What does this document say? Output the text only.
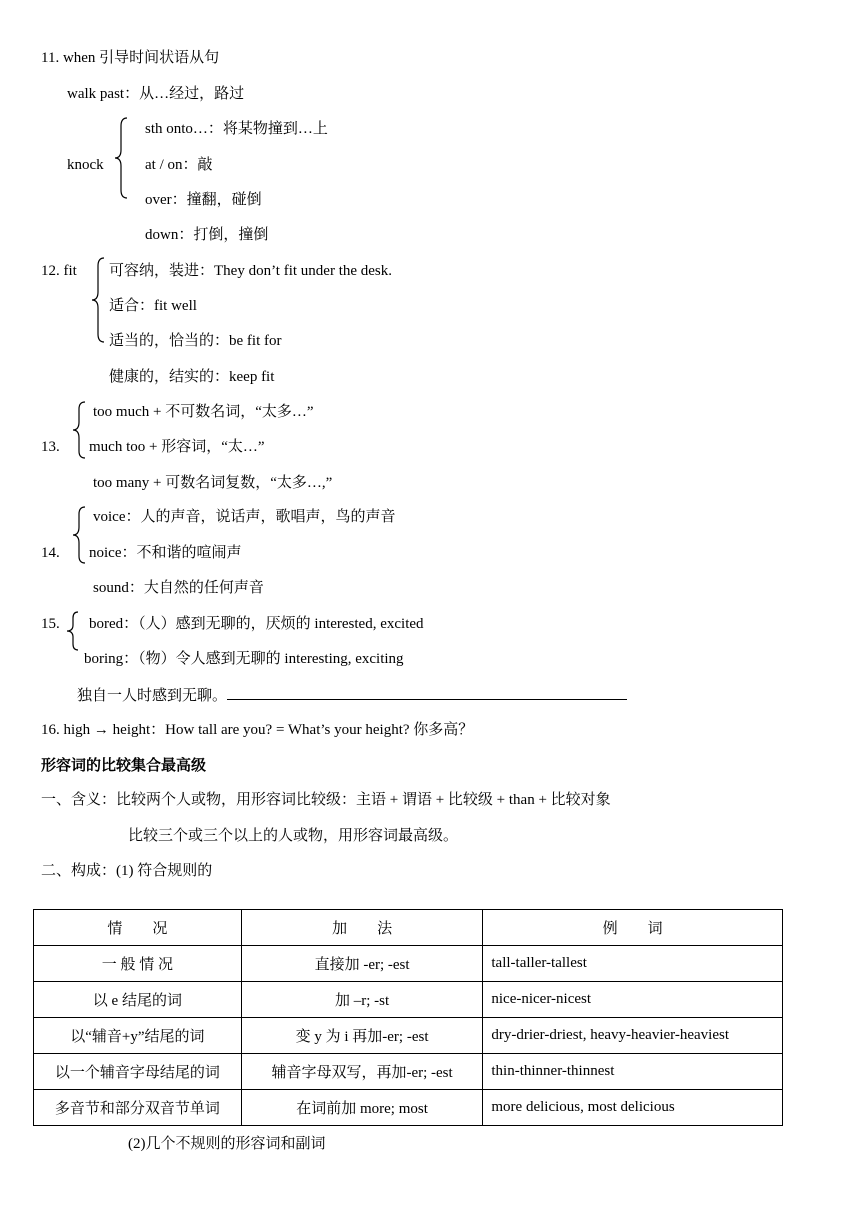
11. when 引导时间状语从句
walk past：从…经过，路过
knock
sth onto…：将某物撞到…上
at / on：敲
over：撞翻，碰倒
down：打倒，撞倒
12. fit 可容纳，装进：They don’t fit under the desk.
适合：fit well
适当的，恰当的：be fit for
健康的，结实的：keep fit
too much + 不可数名词，“太多…”
13. much too + 形容词，“太…”
too many + 可数名词复数，“太多…,”
voice：人的声音，说话声，歌唱声，鸟的声音
14. noice：不和谐的喧闹声
sound：大自然的任何声音
15. bored：（人）感到无聊的，厌烦的 interested, excited
boring：（物）令人感到无聊的 interesting, exciting
独自一人时感到无聊。
16. high → height：How tall are you? = What’s your height? 你多高？
形容词的比较集合最高级
一、含义：比较两个人或物，用形容词比较级：主语 + 谓语 + 比较级 + than + 比较对象
比较三个或三个以上的人或物，用形容词最高级。
二、构成：(1) 符合规则的
情　　况	加　　法	例　　词
一 般 情 况	直接加 -er; -est	tall-taller-tallest
以 e 结尾的词	加 –r; -st	nice-nicer-nicest
以“辅音+y”结尾的词	变 y 为 i 再加-er; -est	dry-drier-driest, heavy-heavier-heaviest
以一个辅音字母结尾的词	辅音字母双写，再加-er; -est	thin-thinner-thinnest
多音节和部分双音节单词	在词前加 more; most	more delicious, most delicious
(2)几个不规则的形容词和副词
